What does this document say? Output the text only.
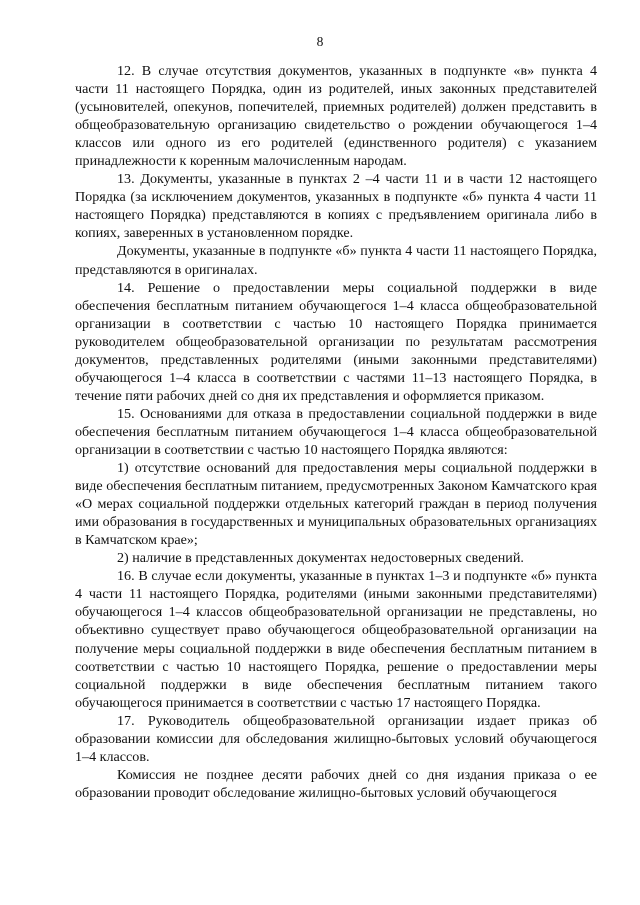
8

12. В случае отсутствия документов, указанных в подпункте «в» пункта 4 части 11 настоящего Порядка, один из родителей, иных законных представителей (усыновителей, опекунов, попечителей, приемных родителей) должен представить в общеобразовательную организацию свидетельство о рождении обучающегося 1–4 классов или одного из его родителей (единственного родителя) с указанием принадлежности к коренным малочисленным народам.

13. Документы, указанные в пунктах 2 –4 части 11 и в части 12 настоящего Порядка (за исключением документов, указанных в подпункте «б» пункта 4 части 11 настоящего Порядка) представляются в копиях с предъявлением оригинала либо в копиях, заверенных в установленном порядке.

Документы, указанные в подпункте «б» пункта 4 части 11 настоящего Порядка, представляются в оригиналах.

14. Решение о предоставлении меры социальной поддержки в виде обеспечения бесплатным питанием обучающегося 1–4 класса общеобразовательной организации в соответствии с частью 10 настоящего Порядка принимается руководителем общеобразовательной организации по результатам рассмотрения документов, представленных родителями (иными законными представителями) обучающегося 1–4 класса в соответствии с частями 11–13 настоящего Порядка, в течение пяти рабочих дней со дня их представления и оформляется приказом.

15. Основаниями для отказа в предоставлении социальной поддержки в виде обеспечения бесплатным питанием обучающегося 1–4 класса общеобразовательной организации в соответствии с частью 10 настоящего Порядка являются:

1) отсутствие оснований для предоставления меры социальной поддержки в виде обеспечения бесплатным питанием, предусмотренных Законом Камчатского края «О мерах социальной поддержки отдельных категорий граждан в период получения ими образования в государственных и муниципальных образовательных организациях в Камчатском крае»;

2) наличие в представленных документах недостоверных сведений.

16. В случае если документы, указанные в пунктах 1–3 и подпункте «б» пункта 4 части 11 настоящего Порядка, родителями (иными законными представителями) обучающегося 1–4 классов общеобразовательной организации не представлены, но объективно существует право обучающегося общеобразовательной организации на получение меры социальной поддержки в виде обеспечения бесплатным питанием в соответствии с частью 10 настоящего Порядка, решение о предоставлении меры социальной поддержки в виде обеспечения бесплатным питанием такого обучающегося принимается в соответствии с частью 17 настоящего Порядка.

17. Руководитель общеобразовательной организации издает приказ об образовании комиссии для обследования жилищно-бытовых условий обучающегося 1–4 классов.

Комиссия не позднее десяти рабочих дней со дня издания приказа о ее образовании проводит обследование жилищно-бытовых условий обучающегося
